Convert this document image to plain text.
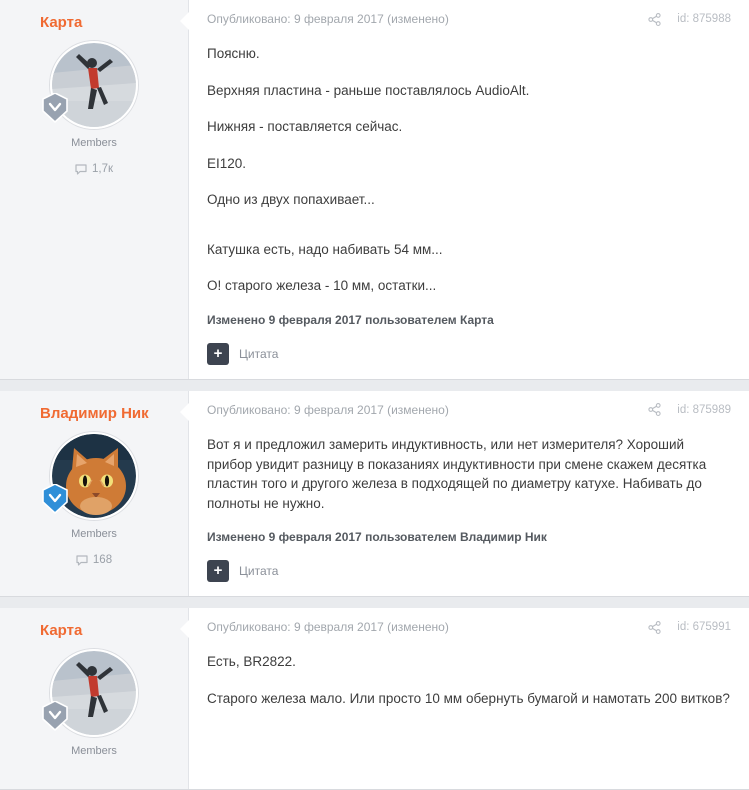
Карта
Members
1,7к
Опубликовано: 9 февраля 2017 (изменено)	id: 875988

Поясню.

Верхняя пластина - раньше поставлялось AudioAlt.

Нижняя - поставляется сейчас.

EI120.

Одно из двух попахивает...

Катушка есть, надо набивать 54 мм...

О! старого железа - 10 мм, остатки...

Изменено 9 февраля 2017 пользователем Карта
+	Цитата
Владимир Ник
Members
168
Опубликовано: 9 февраля 2017 (изменено)	id: 875989

Вот я и предложил замерить индуктивность, или нет измерителя? Хороший прибор увидит разницу в показаниях индуктивности при смене скажем десятка пластин того и другого железа в подходящей по диаметру катухе. Набивать до полноты не нужно.

Изменено 9 февраля 2017 пользователем Владимир Ник
+	Цитата
Карта
Members
Опубликовано: 9 февраля 2017 (изменено)	id: 675991

Есть, BR2822.

Старого железа мало. Или просто 10 мм обернуть бумагой и намотать 200 витков?
